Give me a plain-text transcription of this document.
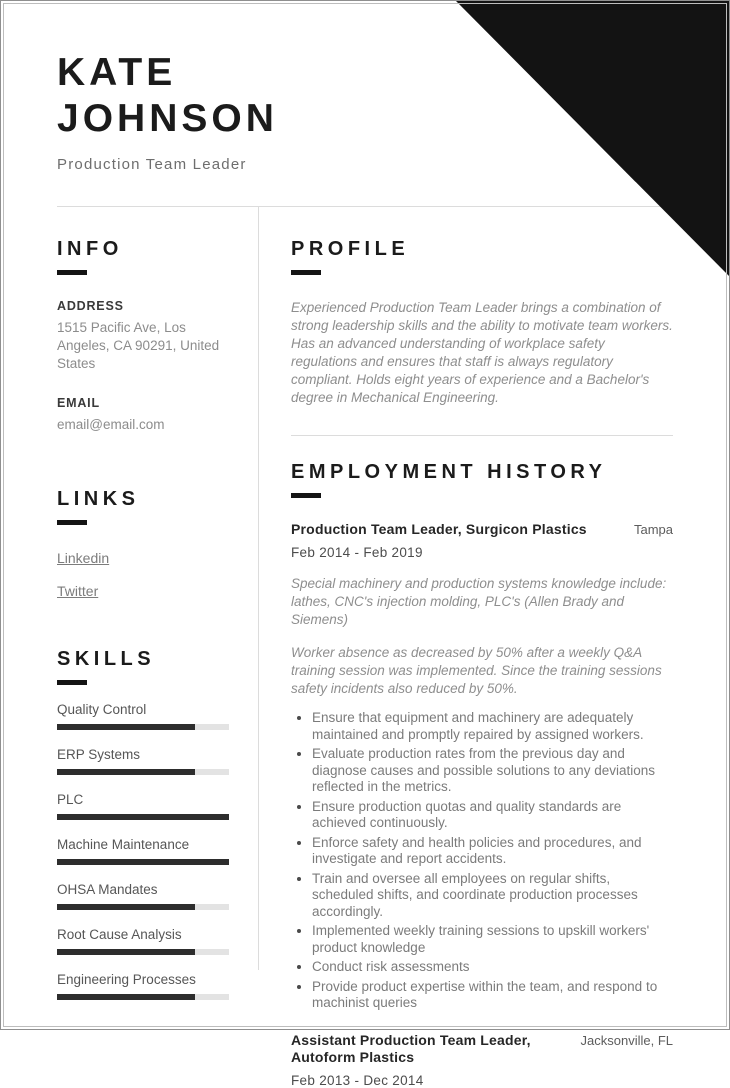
KATE JOHNSON
Production Team Leader
INFO
ADDRESS

1515 Pacific Ave, Los Angeles, CA 90291, United States

EMAIL

email@email.com

LINKS
Linkedin
Twitter
SKILLS
Quality Control
ERP Systems
PLC
Machine Maintenance
OHSA Mandates
Root Cause Analysis
Engineering Processes
PROFILE

Experienced Production Team Leader brings a combination of strong leadership skills and the ability to motivate team workers. Has an advanced understanding of workplace safety regulations and ensures that staff is always regulatory compliant. Holds eight years of experience and a Bachelor's degree in Mechanical Engineering.

EMPLOYMENT HISTORY
Production Team Leader, Surgicon Plastics	Tampa
Feb 2014 - Feb 2019

Special machinery and production systems knowledge include: lathes, CNC's injection molding, PLC's (Allen Brady and Siemens)

Worker absence as decreased by 50% after a weekly Q&A training session was implemented. Since the training sessions safety incidents also reduced by 50%.

• Ensure that equipment and machinery are adequately maintained and promptly repaired by assigned workers.
• Evaluate production rates from the previous day and diagnose causes and possible solutions to any deviations reflected in the metrics.
• Ensure production quotas and quality standards are achieved continuously.
• Enforce safety and health policies and procedures, and investigate and report accidents.
• Train and oversee all employees on regular shifts, scheduled shifts, and coordinate production processes accordingly.
• Implemented weekly training sessions to upskill workers' product knowledge
• Conduct risk assessments
• Provide product expertise within the team, and respond to machinist queries
Assistant Production Team Leader, Autoform Plastics
Jacksonville, FL
Feb 2013 - Dec 2014
